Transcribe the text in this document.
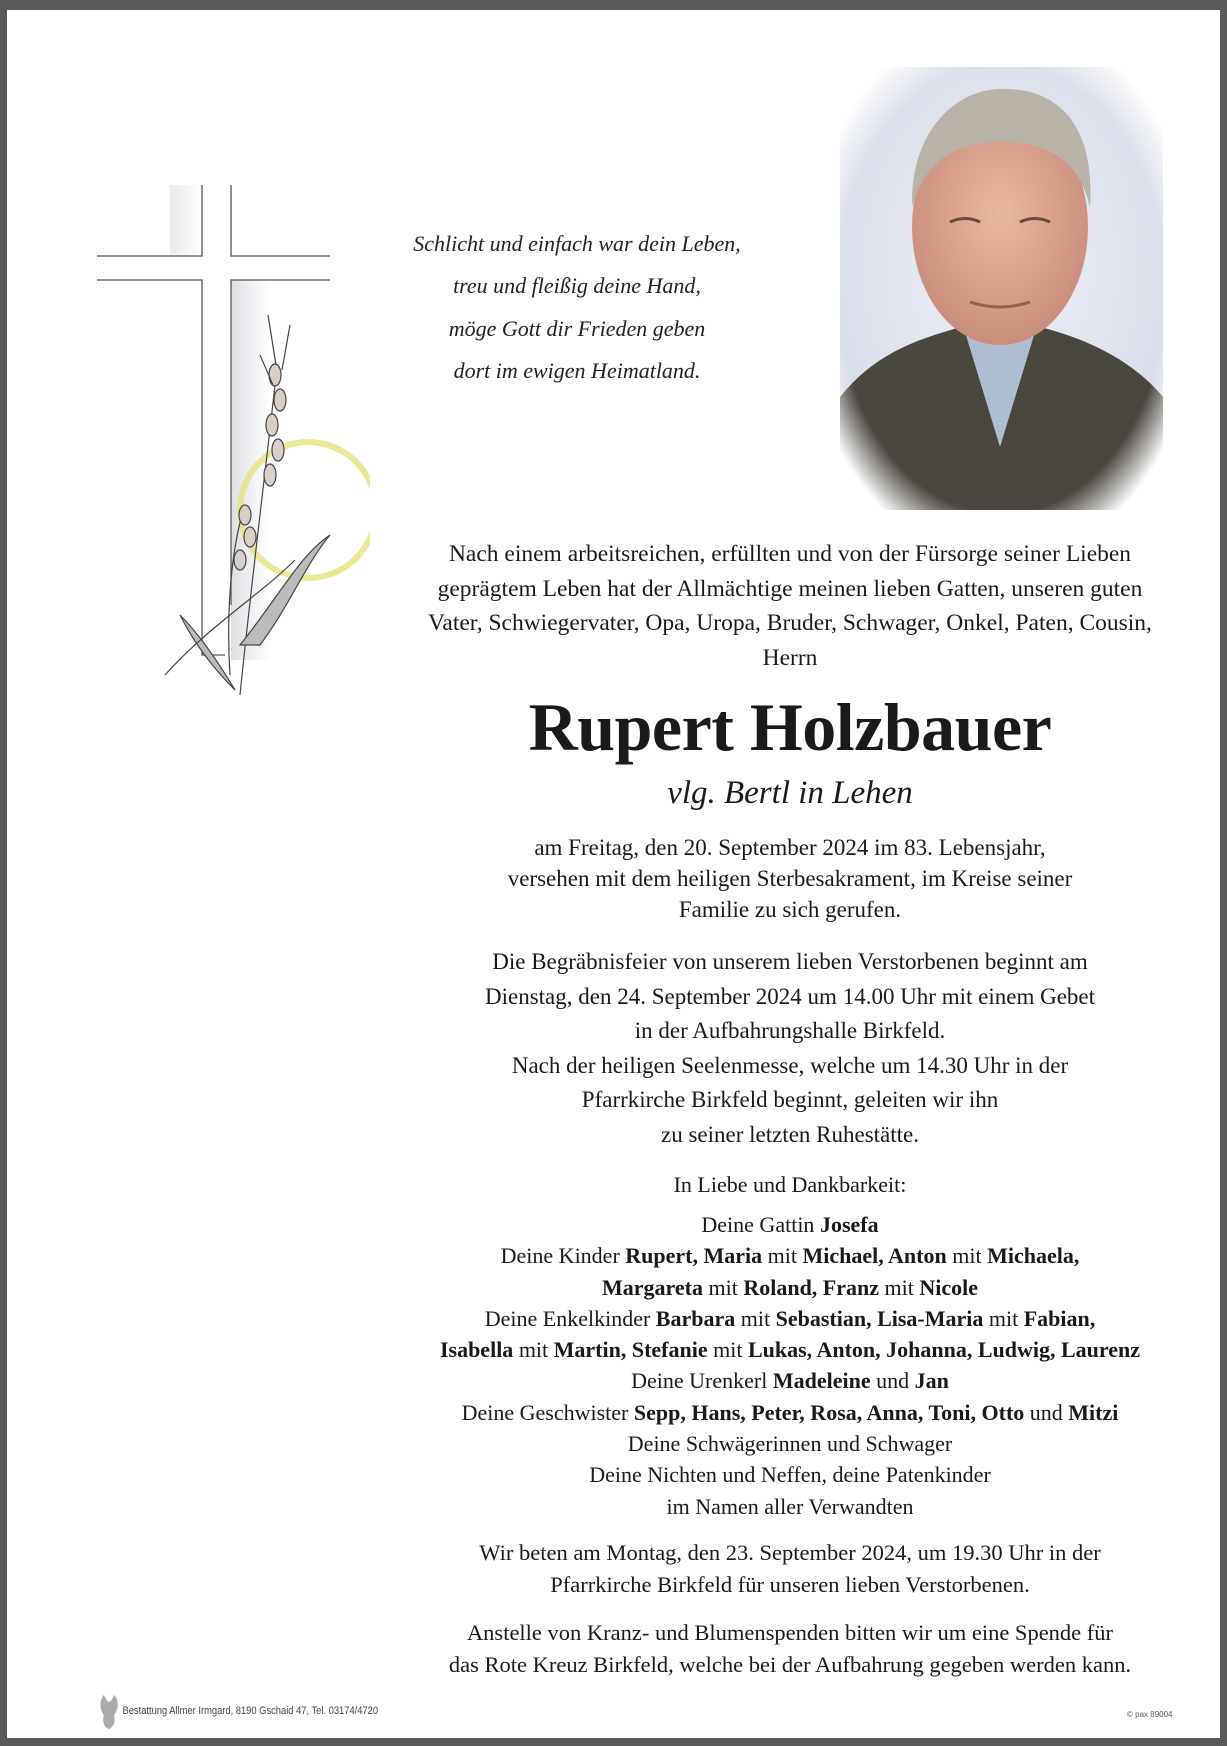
Schlicht und einfach war dein Leben,
treu und fleißig deine Hand,
möge Gott dir Frieden geben
dort im ewigen Heimatland.
Nach einem arbeitsreichen, erfüllten und von der Fürsorge seiner Lieben
geprägtem Leben hat der Allmächtige meinen lieben Gatten, unseren guten
Vater, Schwiegervater, Opa, Uropa, Bruder, Schwager, Onkel, Paten, Cousin,
Herrn
Rupert Holzbauer
vlg. Bertl in Lehen
am Freitag, den 20. September 2024 im 83. Lebensjahr,
versehen mit dem heiligen Sterbesakrament, im Kreise seiner
Familie zu sich gerufen.
Die Begräbnisfeier von unserem lieben Verstorbenen beginnt am
Dienstag, den 24. September 2024 um 14.00 Uhr mit einem Gebet
in der Aufbahrungshalle Birkfeld.
Nach der heiligen Seelenmesse, welche um 14.30 Uhr in der
Pfarrkirche Birkfeld beginnt, geleiten wir ihn
zu seiner letzten Ruhestätte.
In Liebe und Dankbarkeit:
Deine Gattin Josefa
Deine Kinder Rupert, Maria mit Michael, Anton mit Michaela,
Margareta mit Roland, Franz mit Nicole
Deine Enkelkinder Barbara mit Sebastian, Lisa-Maria mit Fabian,
Isabella mit Martin, Stefanie mit Lukas, Anton, Johanna, Ludwig, Laurenz
Deine Urenkerl Madeleine und Jan
Deine Geschwister Sepp, Hans, Peter, Rosa, Anna, Toni, Otto und Mitzi
Deine Schwägerinnen und Schwager
Deine Nichten und Neffen, deine Patenkinder
im Namen aller Verwandten
Wir beten am Montag, den 23. September 2024, um 19.30 Uhr in der
Pfarrkirche Birkfeld für unseren lieben Verstorbenen.
Anstelle von Kranz- und Blumenspenden bitten wir um eine Spende für
das Rote Kreuz Birkfeld, welche bei der Aufbahrung gegeben werden kann.
Bestattung Allmer Irmgard, 8190 Gschaid 47, Tel. 03174/4720	© pax 89004
